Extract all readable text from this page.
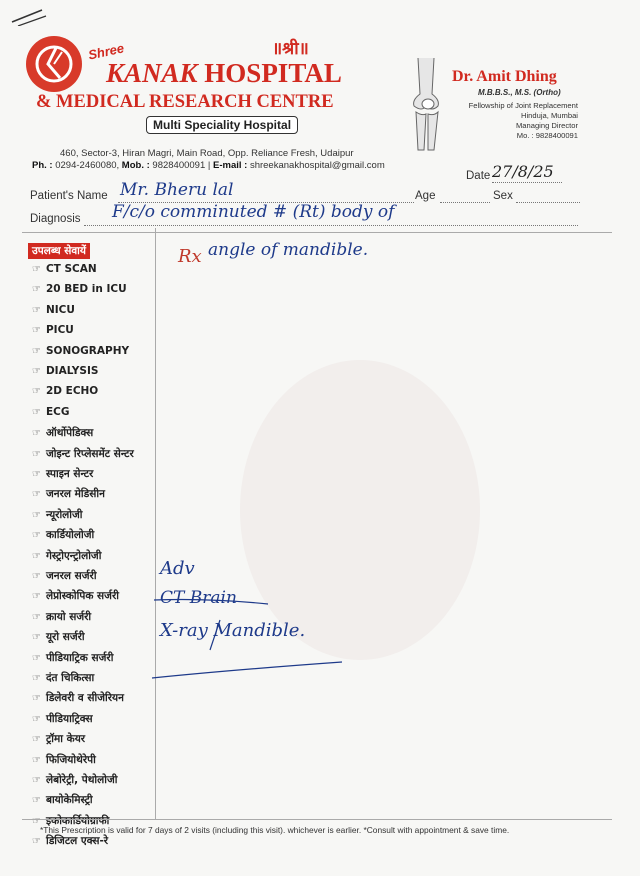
॥श्री॥
Shree
KANAK HOSPITAL
& MEDICAL RESEARCH CENTRE
Multi Speciality Hospital
460, Sector-3, Hiran Magri, Main Road, Opp. Reliance Fresh, Udaipur
Ph. : 0294-2460080, Mob. : 9828400091 | E-mail : shreekanakhospital@gmail.com
Dr. Amit Dhing
M.B.B.S., M.S. (Ortho)
Fellowship of Joint Replacement
Hinduja, Mumbai
Managing Director
Mo. : 9828400091
Date 27/8/25
Patient's Name Mr. Bheru lal	Age	Sex
Diagnosis F/c/o comminuted # (Rt) body of
Rx angle of mandible.
उपलब्ध सेवायें
☞ CT SCAN
☞ 20 BED in ICU
☞ NICU
☞ PICU
☞ SONOGRAPHY
☞ DIALYSIS
☞ 2D ECHO
☞ ECG
☞ ऑर्थोपेडिक्स
☞ जोइन्ट रिप्लेसमेंट सेन्टर
☞ स्पाइन सेन्टर
☞ जनरल मेडिसीन
☞ न्यूरोलोजी
☞ कार्डियोलोजी
☞ गेस्ट्रोएन्ट्रोलोजी
☞ जनरल सर्जरी
☞ लेप्रोस्कोपिक सर्जरी
☞ क्रायो सर्जरी
☞ यूरो सर्जरी
☞ पीडियाट्रिक सर्जरी
☞ दंत चिकित्सा
☞ डिलेवरी व सीजेरियन
☞ पीडियाट्रिक्स
☞ ट्रॉमा केयर
☞ फिजियोथेरेपी
☞ लेबोरेट्री, पेथोलोजी
☞ बायोकेमिस्ट्री
☞ इकोकार्डियोग्राफी
☞ डिजिटल एक्स-रे
Adv
CT Brain
X-ray Mandible.
*This Prescription is valid for 7 days of 2 visits (including this visit). whichever is earlier. *Consult with appointment & save time.
